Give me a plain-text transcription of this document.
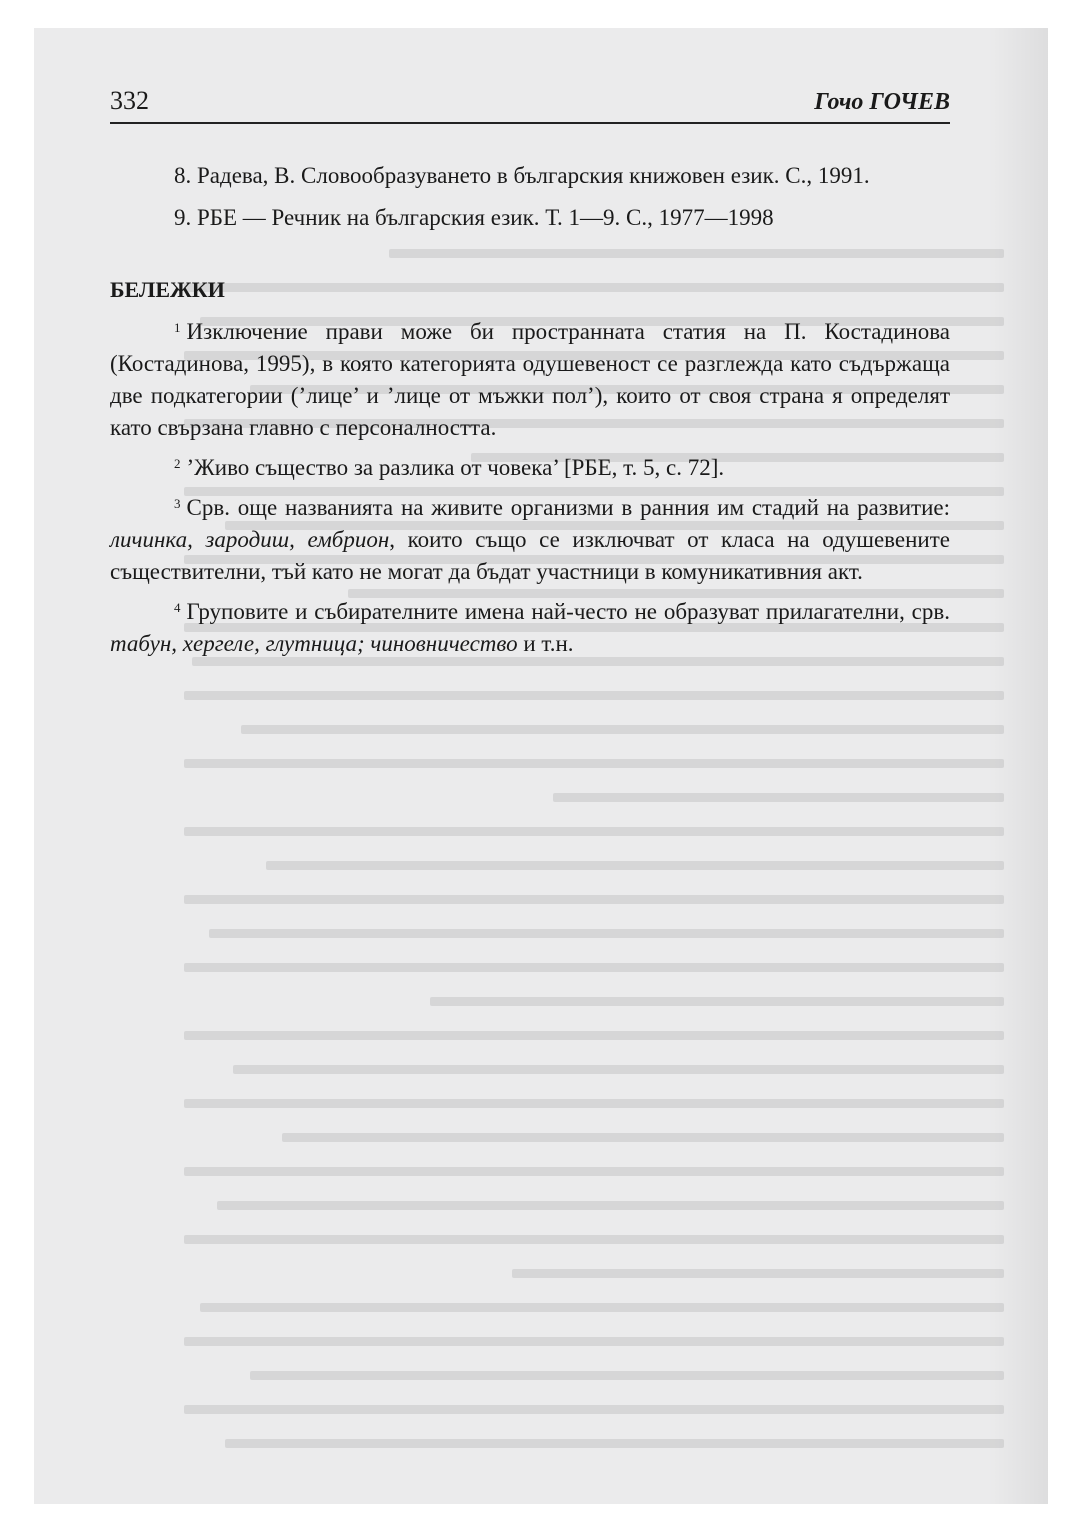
332	Гочо ГОЧЕВ

8. Радева, В. Словообразуването в българския книжовен език. С., 1991.

9. РБЕ — Речник на българския език. Т. 1—9. С., 1977—1998

БЕЛЕЖКИ

$^1$ Изключение прави може би пространната статия на П. Костадинова (Костадинова, 1995), в която категорията одушевеност се разглежда като съдържаща две подкатегории (’лице’ и ’лице от мъжки пол’), които от своя страна я определят като свързана главно с персоналността.

$^2$ ’Живо същество за разлика от човека’ [РБЕ, т. 5, с. 72].

$^3$ Срв. още названията на живите организми в ранния им стадий на развитие: личинка, зародиш, ембрион, които също се изключват от класа на одушевените съществителни, тъй като не могат да бъдат участници в комуникативния акт.

$^4$ Груповите и събирателните имена най-често не образуват прилагателни, срв. табун, хергеле, глутница; чиновничество и т.н.
